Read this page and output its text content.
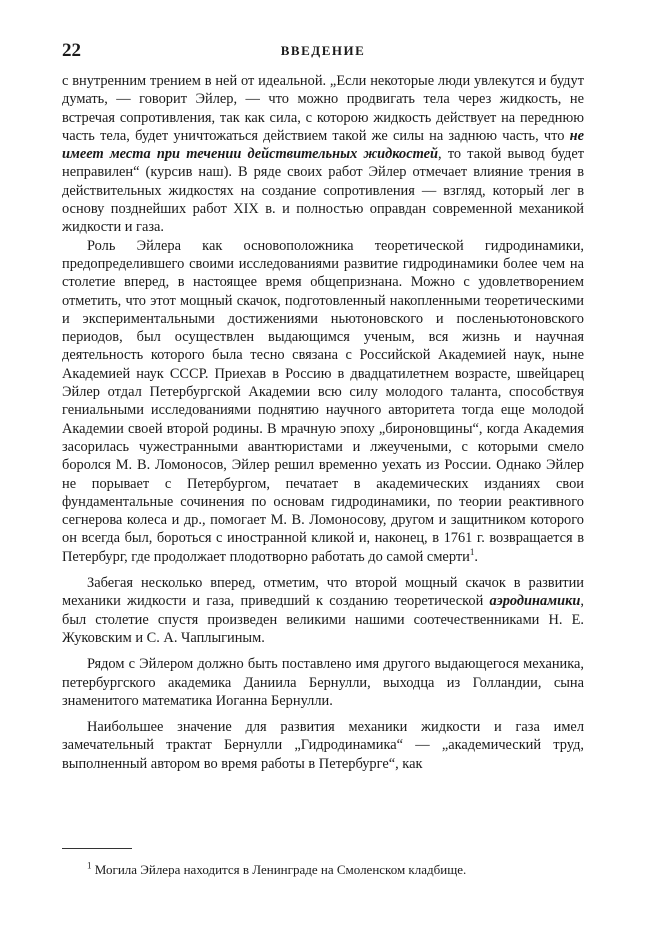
22	ВВЕДЕНИЕ

с внутренним трением в ней от идеальной. „Если некоторые люди увлекутся и будут думать, — говорит Эйлер, — что можно продвигать тела через жидкость, не встречая сопротивления, так как сила, с которою жидкость действует на переднюю часть тела, будет уничтожаться действием такой же силы на заднюю часть, что не имеет места при течении действительных жидкостей, то такой вывод будет неправилен“ (курсив наш). В ряде своих работ Эйлер отмечает влияние трения в действительных жидкостях на создание сопротивления — взгляд, который лег в основу позднейших работ XIX в. и полностью оправдан современной механикой жидкости и газа.

Роль Эйлера как основоположника теоретической гидродинамики, предопределившего своими исследованиями развитие гидродинамики более чем на столетие вперед, в настоящее время общепризнана. Можно с удовлетворением отметить, что этот мощный скачок, подготовленный накопленными теоретическими и экспериментальными достижениями ньютоновского и посленьютоновского периодов, был осуществлен выдающимся ученым, вся жизнь и научная деятельность которого была тесно связана с Российской Академией наук, ныне Академией наук СССР. Приехав в Россию в двадцатилетнем возрасте, швейцарец Эйлер отдал Петербургской Академии всю силу молодого таланта, способствуя гениальными исследованиями поднятию научного авторитета тогда еще молодой Академии своей второй родины. В мрачную эпоху „бироновщины“, когда Академия засорилась чужестранными авантюристами и лжеучеными, с которыми смело боролся М. В. Ломоносов, Эйлер решил временно уехать из России. Однако Эйлер не порывает с Петербургом, печатает в академических изданиях свои фундаментальные сочинения по основам гидродинамики, по теории реактивного сегнерова колеса и др., помогает М. В. Ломоносову, другом и защитником которого он всегда был, бороться с иностранной кликой и, наконец, в 1761 г. возвращается в Петербург, где продолжает плодотворно работать до самой смерти$^1$.

Забегая несколько вперед, отметим, что второй мощный скачок в развитии механики жидкости и газа, приведший к созданию теоретической аэродинамики, был столетие спустя произведен великими нашими соотечественниками Н. Е. Жуковским и С. А. Чаплыгиным.

Рядом с Эйлером должно быть поставлено имя другого выдающегося механика, петербургского академика Даниила Бернулли, выходца из Голландии, сына знаменитого математика Иоганна Бернулли.

Наибольшее значение для развития механики жидкости и газа имел замечательный трактат Бернулли „Гидродинамика“ — „академический труд, выполненный автором во время работы в Петербурге“, как

$^1$ Могила Эйлера находится в Ленинграде на Смоленском кладбище.
